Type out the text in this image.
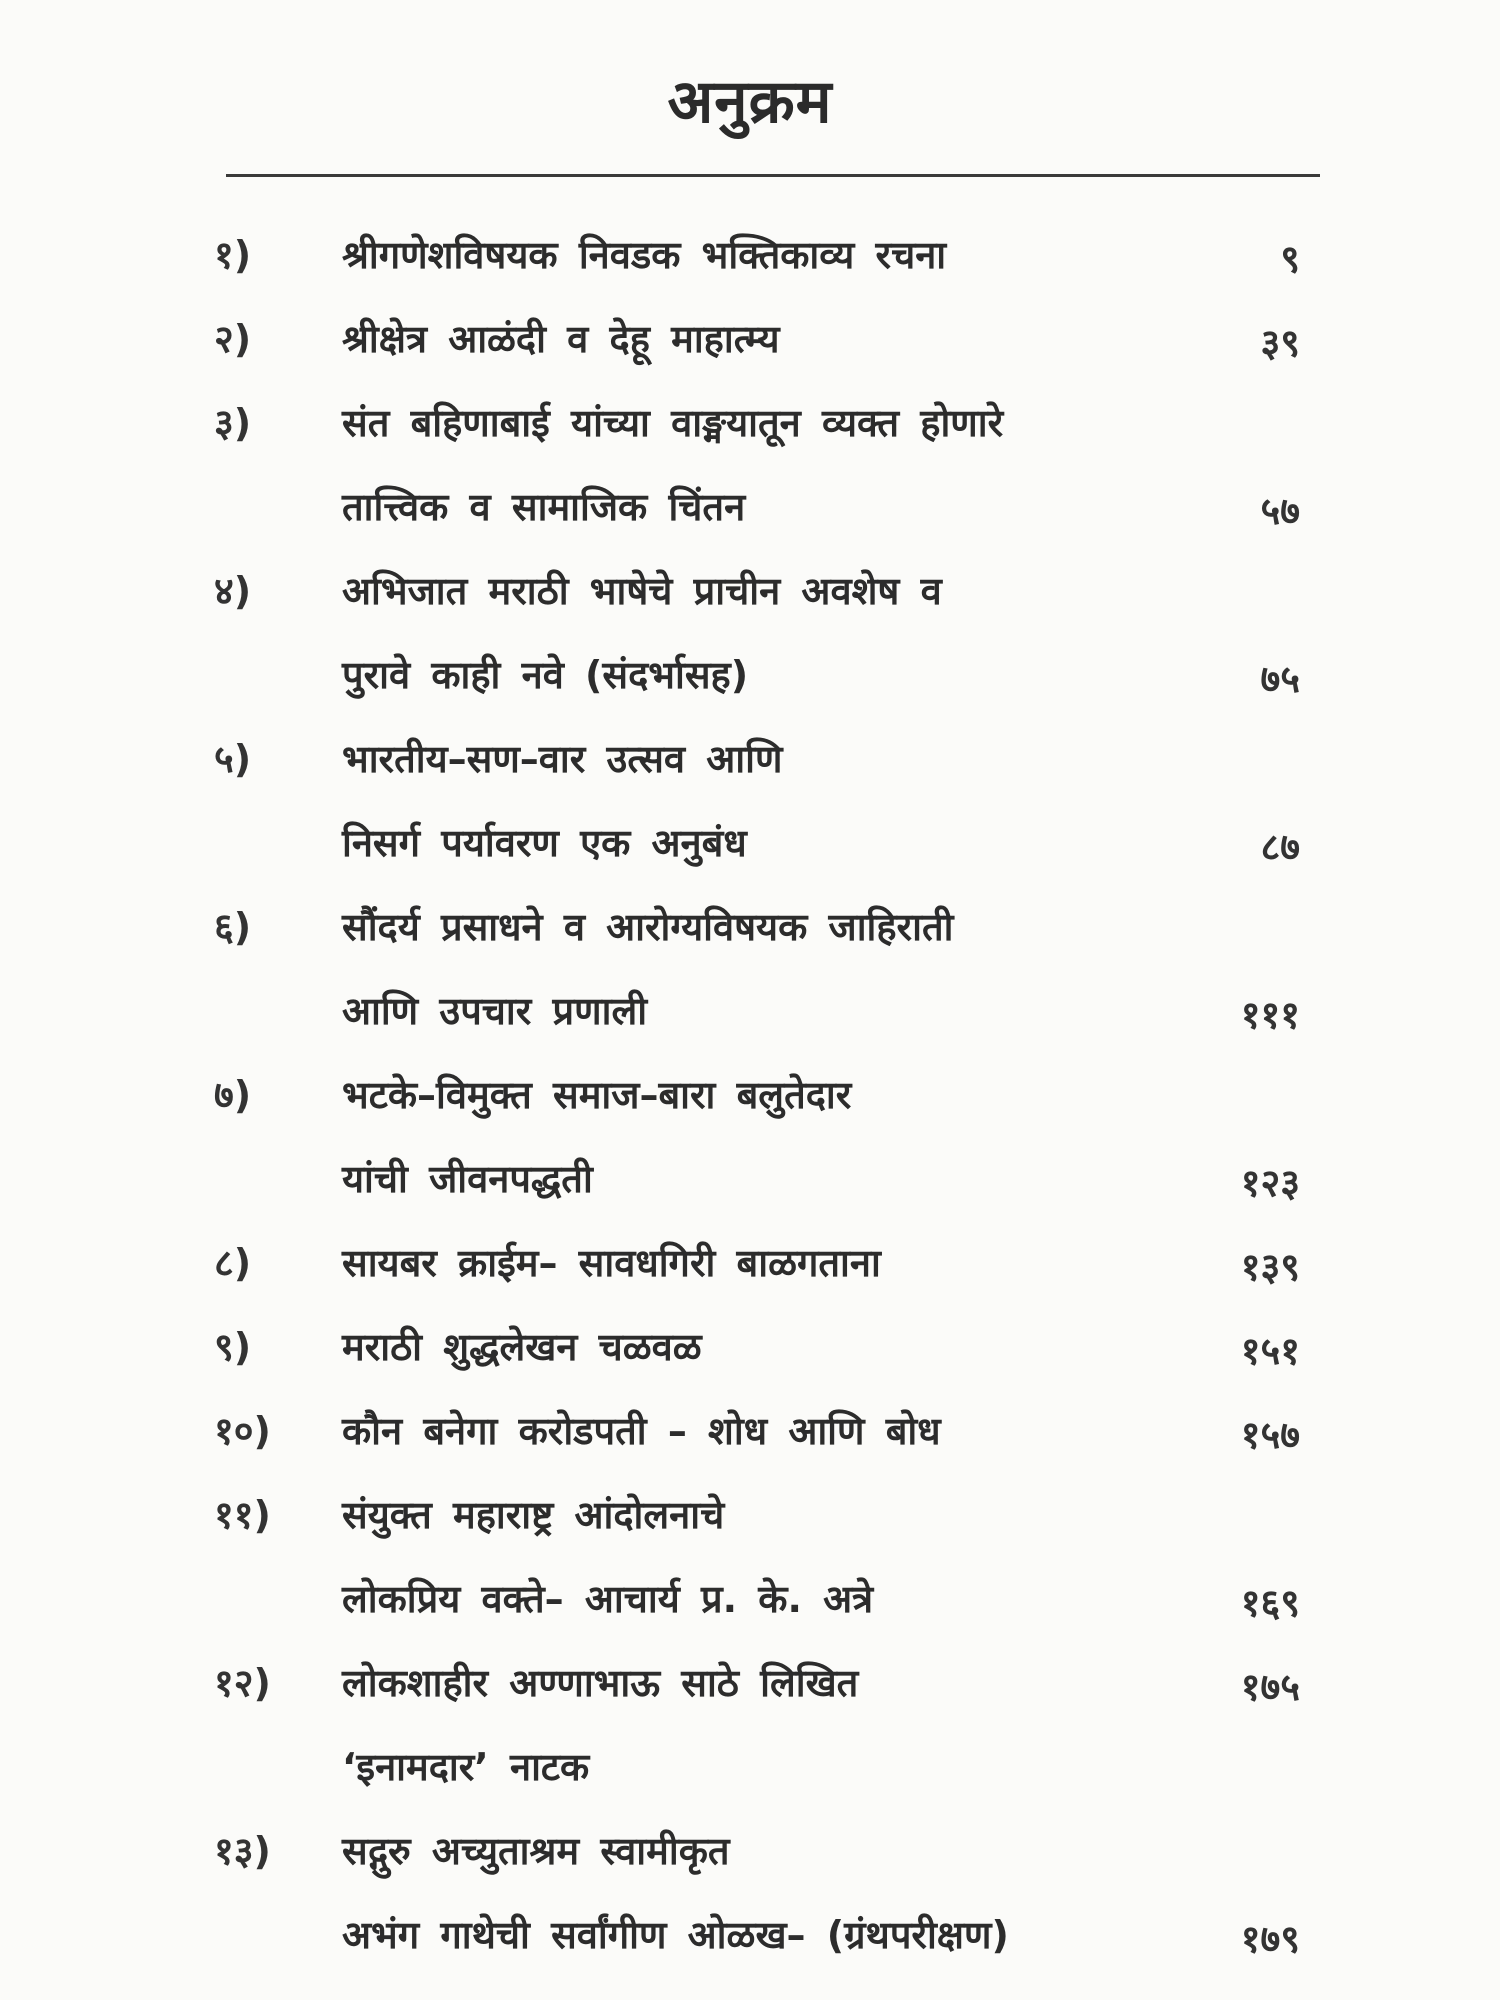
अनुक्रम
१) श्रीगणेशविषयक निवडक भक्तिकाव्य रचना	९
२) श्रीक्षेत्र आळंदी व देहू माहात्म्य	३९
३) संत बहिणाबाई यांच्या वाङ्मयातून व्यक्त होणारे
तात्त्विक व सामाजिक चिंतन	५७
४) अभिजात मराठी भाषेचे प्राचीन अवशेष व
पुरावे काही नवे (संदर्भासह)	७५
५) भारतीय–सण–वार उत्सव आणि
निसर्ग पर्यावरण एक अनुबंध	८७
६) सौंदर्य प्रसाधने व आरोग्यविषयक जाहिराती
आणि उपचार प्रणाली	१११
७) भटके–विमुक्त समाज–बारा बलुतेदार
यांची जीवनपद्धती	१२३
८) सायबर क्राईम– सावधगिरी बाळगताना	१३९
९) मराठी शुद्धलेखन चळवळ	१५१
१०) कौन बनेगा करोडपती – शोध आणि बोध	१५७
११) संयुक्त महाराष्ट्र आंदोलनाचे
लोकप्रिय वक्ते– आचार्य प्र. के. अत्रे	१६९
१२) लोकशाहीर अण्णाभाऊ साठे लिखित	१७५
‘इनामदार’ नाटक
१३) सद्गुरु अच्युताश्रम स्वामीकृत
अभंग गाथेची सर्वांगीण ओळख– (ग्रंथपरीक्षण)	१७९
